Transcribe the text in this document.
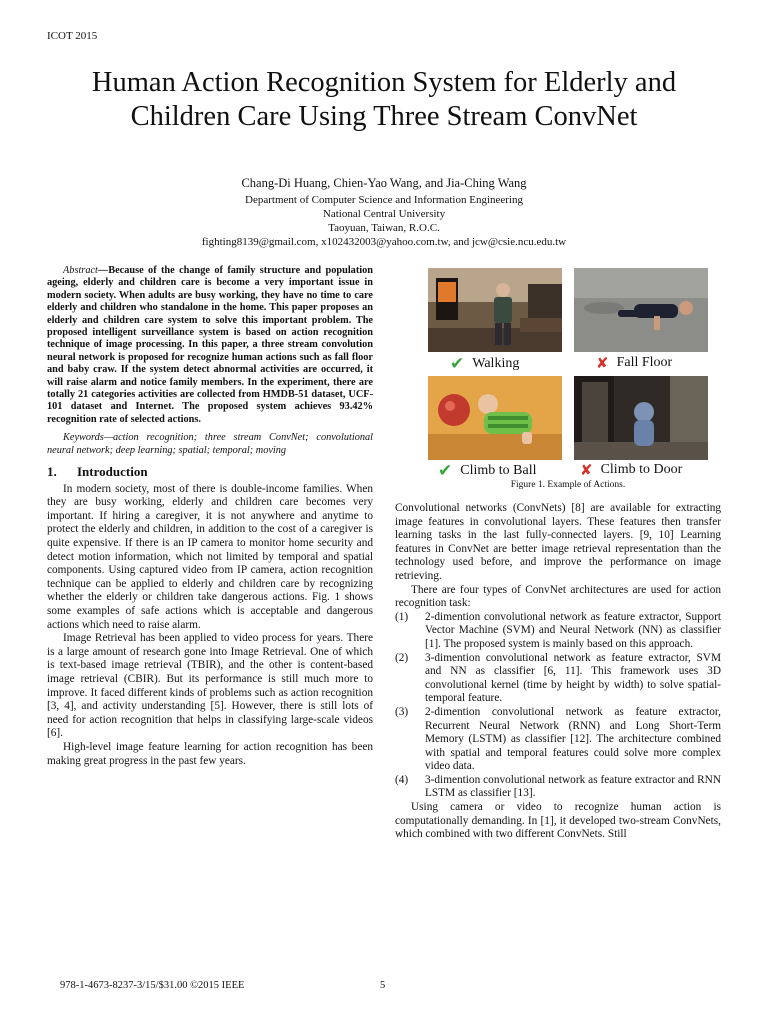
ICOT 2015
Human Action Recognition System for Elderly and Children Care Using Three Stream ConvNet
Chang-Di Huang, Chien-Yao Wang, and Jia-Ching Wang
Department of Computer Science and Information Engineering
National Central University
Taoyuan, Taiwan, R.O.C.
fighting8139@gmail.com, x102432003@yahoo.com.tw, and jcw@csie.ncu.edu.tw

Abstract—Because of the change of family structure and population ageing, elderly and children care is become a very important issue in modern society. When adults are busy working, they have no time to care elderly and children who standalone in the home. This paper proposes an elderly and children care system to solve this important problem. The proposed intelligent surveillance system is based on action recognition technique of image processing. In this paper, a three stream convolution neural network is proposed for recognize human actions such as fall floor and baby craw. If the system detect abnormal activities are occurred, it will raise alarm and notice family members. In the experiment, there are totally 21 categories activities are collected from HMDB-51 dataset, UCF-101 dataset and Internet. The proposed system achieves 93.42% recognition rate of selected actions.

Keywords—action recognition; three stream ConvNet; convolutional neural network; deep learning; spatial; temporal; moving

1.	Introduction

In modern society, most of there is double-income families. When they are busy working, elderly and children care becomes very important. If hiring a caregiver, it is not anywhere and anytime to protect the elderly and children, in addition to the cost of a caregiver is quite expensive. If there is an IP camera to monitor home security and detect motion information, which not limited by temporal and spatial components. Using captured video from IP camera, action recognition technique can be applied to elderly and children care by recognizing whether the elderly or children take dangerous actions. Fig. 1 shows some examples of safe actions which is acceptable and dangerous actions which need to raise alarm.

Image Retrieval has been applied to video process for years. There is a large amount of research gone into Image Retrieval. One of which is text-based image retrieval (TBIR), and the other is content-based image retrieval (CBIR). But its performance is still much more to improve. It faced different kinds of problems such as action recognition [3, 4], and activity understanding [5]. However, there is still lots of need for action recognition that helps in classifying large-scale videos [6].

High-level image feature learning for action recognition has been making great progress in the past few years.

✔ Walking	✘ Fall Floor
✔ Climb to Ball	✘ Climb to Door
Figure 1. Example of Actions.

Convolutional networks (ConvNets) [8] are available for extracting image features in convolutional layers. These features then transfer learning tasks in the last fully-connected layers. [9, 10] Learning features in ConvNet are better image retrieval representation than the technology used before, and improve the performance on image retrieving.

There are four types of ConvNet architectures are used for action recognition task:

(1)	2-dimention convolutional network as feature extractor, Support Vector Machine (SVM) and Neural Network (NN) as classifier [1]. The proposed system is mainly based on this approach.
(2)	3-dimention convolutional network as feature extractor, SVM and NN as classifier [6, 11]. This framework uses 3D convolutional kernel (time by height by width) to solve spatial-temporal feature.
(3)	2-dimention convolutional network as feature extractor, Recurrent Neural Network (RNN) and Long Short-Term Memory (LSTM) as classifier [12]. The architecture combined with spatial and temporal features could solve more complex video data.
(4)	3-dimention convolutional network as feature extractor and RNN LSTM as classifier [13].

Using camera or video to recognize human action is computationally demanding. In [1], it developed two-stream ConvNets, which combined with two different ConvNets. Still

978-1-4673-8237-3/15/$31.00 ©2015 IEEE	5
